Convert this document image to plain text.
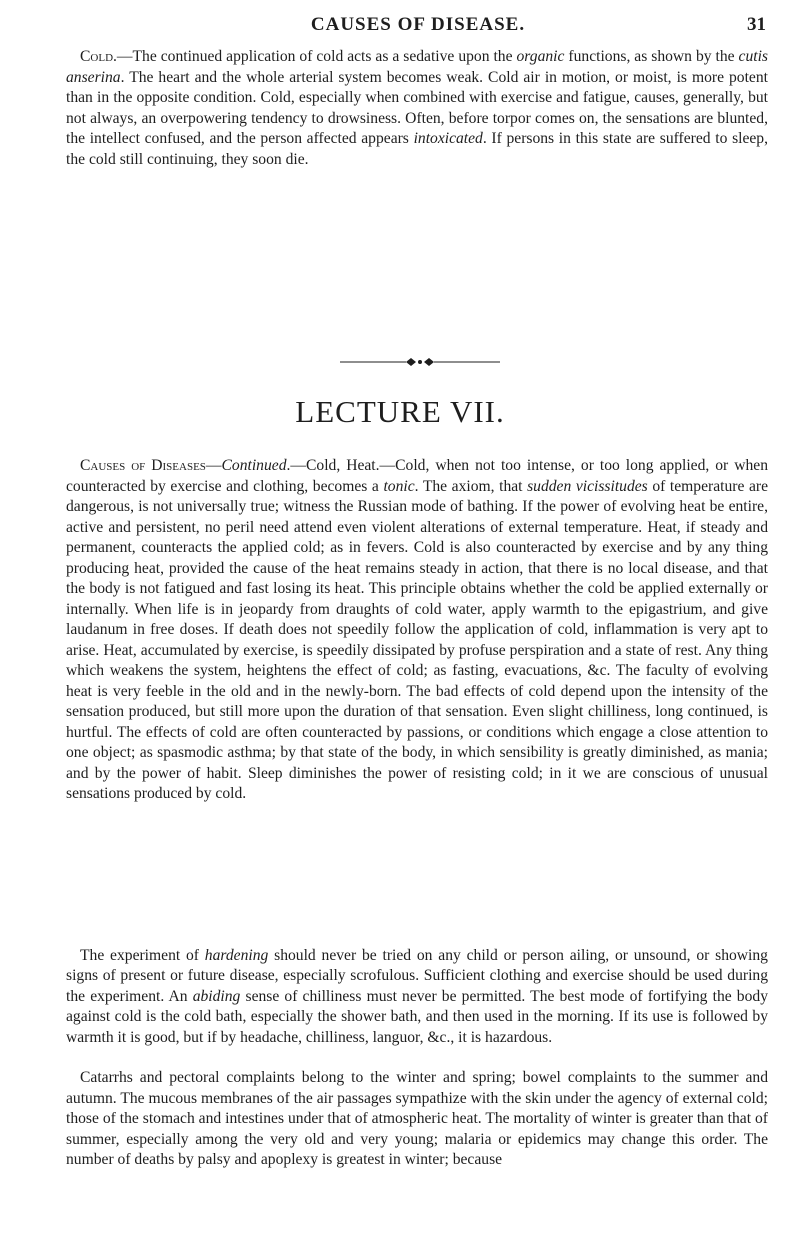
CAUSES OF DISEASE.	31

Cold.—The continued application of cold acts as a sedative upon the organic functions, as shown by the cutis anserina. The heart and the whole arterial system becomes weak. Cold air in motion, or moist, is more potent than in the opposite condition. Cold, especially when combined with exercise and fatigue, causes, generally, but not always, an overpowering tendency to drowsiness. Often, before torpor comes on, the sensations are blunted, the intellect confused, and the person affected appears intoxicated. If persons in this state are suffered to sleep, the cold still continuing, they soon die.

LECTURE VII.

Causes of Diseases—Continued.—Cold, Heat.—Cold, when not too intense, or too long applied, or when counteracted by exercise and clothing, becomes a tonic. The axiom, that sudden vicissitudes of temperature are dangerous, is not universally true; witness the Russian mode of bathing. If the power of evolving heat be entire, active and persistent, no peril need attend even violent alterations of external temperature. Heat, if steady and permanent, counteracts the applied cold; as in fevers. Cold is also counteracted by exercise and by any thing producing heat, provided the cause of the heat remains steady in action, that there is no local disease, and that the body is not fatigued and fast losing its heat. This principle obtains whether the cold be applied externally or internally. When life is in jeopardy from draughts of cold water, apply warmth to the epigastrium, and give laudanum in free doses. If death does not speedily follow the application of cold, inflammation is very apt to arise. Heat, accumulated by exercise, is speedily dissipated by profuse perspiration and a state of rest. Any thing which weakens the system, heightens the effect of cold; as fasting, evacuations, &c. The faculty of evolving heat is very feeble in the old and in the newly-born. The bad effects of cold depend upon the intensity of the sensation produced, but still more upon the duration of that sensation. Even slight chilliness, long continued, is hurtful. The effects of cold are often counteracted by passions, or conditions which engage a close attention to one object; as spasmodic asthma; by that state of the body, in which sensibility is greatly diminished, as mania; and by the power of habit. Sleep diminishes the power of resisting cold; in it we are conscious of unusual sensations produced by cold.

The experiment of hardening should never be tried on any child or person ailing, or unsound, or showing signs of present or future disease, especially scrofulous. Sufficient clothing and exercise should be used during the experiment. An abiding sense of chilliness must never be permitted. The best mode of fortifying the body against cold is the cold bath, especially the shower bath, and then used in the morning. If its use is followed by warmth it is good, but if by headache, chilliness, languor, &c., it is hazardous.

Catarrhs and pectoral complaints belong to the winter and spring; bowel complaints to the summer and autumn. The mucous membranes of the air passages sympathize with the skin under the agency of external cold; those of the stomach and intestines under that of atmospheric heat. The mortality of winter is greater than that of summer, especially among the very old and very young; malaria or epidemics may change this order. The number of deaths by palsy and apoplexy is greatest in winter; because
